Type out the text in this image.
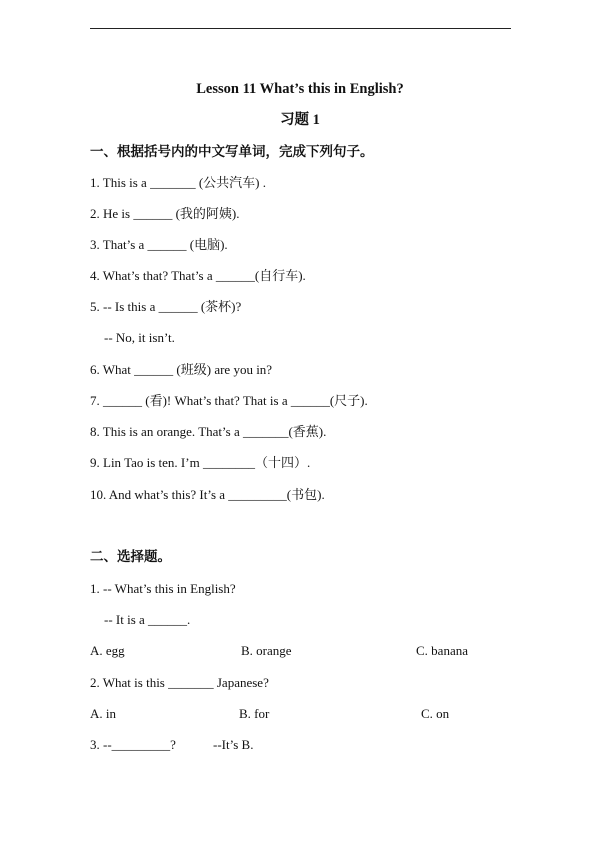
Lesson 11 What’s this in English?
习题 1
一、根据括号内的中文写单词，完成下列句子。
1. This is a _______ (公共汽车) .
2. He is ______ (我的阿姨).
3. That’s a ______ (电脑).
4. What’s that? That’s a ______(自行车).
5. -- Is this a ______ (茶杯)?
-- No, it isn’t.
6. What ______ (班级) are you in?
7. ______ (看)! What’s that? That is a ______(尺子).
8. This is an orange. That’s a _______(香蕉).
9. Lin Tao is ten. I’m ________（十四）.
10. And what’s this? It’s a _________(书包).
二、选择题。
1. -- What’s this in English?
-- It is a ______.
A. egg	B. orange	C. banana
2. What is this _______ Japanese?
A. in	B. for	C. on
3. --_________?	--It’s B.
